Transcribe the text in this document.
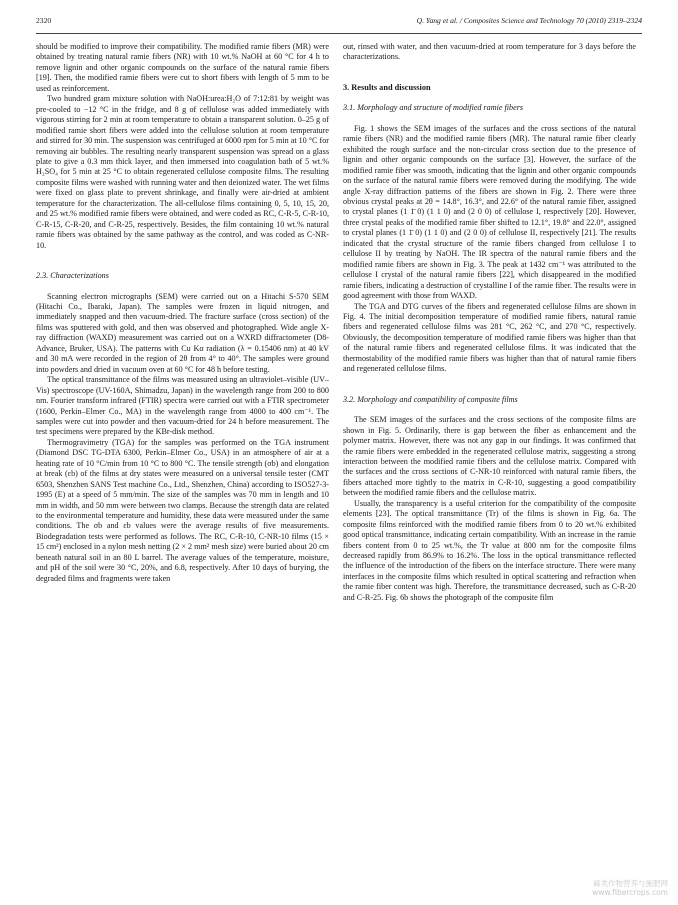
2320	Q. Yang et al. / Composites Science and Technology 70 (2010) 2319–2324

should be modified to improve their compatibility. The modified ramie fibers (MR) were obtained by treating natural ramie fibers (NR) with 10 wt.% NaOH at 60 °C for 4 h to remove lignin and other organic compounds on the surface of the natural ramie fibers [19]. Then, the modified ramie fibers were cut to short fibers with length of 5 mm to be used as reinforcement.

Two hundred gram mixture solution with NaOH:urea:H₂O of 7:12:81 by weight was pre-cooled to −12 °C in the fridge, and 8 g of cellulose was added immediately with vigorous stirring for 2 min at room temperature to obtain a transparent solution. 0–25 g of modified ramie short fibers were added into the cellulose solution at room temperature and stirred for 30 min. The suspension was centrifuged at 6000 rpm for 5 min at 10 °C for removing air bubbles. The resulting nearly transparent suspension was spread on a glass plate to give a 0.3 mm thick layer, and then immersed into coagulation bath of 5 wt.% H₂SO₄ for 5 min at 25 °C to obtain regenerated cellulose composite films. The resulting composite films were washed with running water and then deionized water. The wet films were fixed on glass plate to prevent shrinkage, and finally were air-dried at ambient temperature for the characterization. The all-cellulose films containing 0, 5, 10, 15, 20, and 25 wt.% modified ramie fibers were obtained, and were coded as RC, C-R-5, C-R-10, C-R-15, C-R-20, and C-R-25, respectively. Besides, the film containing 10 wt.% natural ramie fibers was obtained by the same pathway as the control, and was coded as C-NR-10.

2.3. Characterizations

Scanning electron micrographs (SEM) were carried out on a Hitachi S-570 SEM (Hitachi Co., Ibaraki, Japan). The samples were frozen in liquid nitrogen, and immediately snapped and then vacuum-dried. The fracture surface (cross section) of the films was sputtered with gold, and then was observed and photographed. Wide angle X-ray diffraction (WAXD) measurement was carried out on a WXRD diffractometer (D8-Advance, Bruker, USA). The patterns with Cu Kα radiation (λ = 0.15406 nm) at 40 kV and 30 mA were recorded in the region of 2θ from 4° to 40°. The samples were ground into powders and dried in vacuum oven at 60 °C for 48 h before testing.

The optical transmittance of the films was measured using an ultraviolet–visible (UV–Vis) spectroscope (UV-160A, Shimadzu, Japan) in the wavelength range from 200 to 800 nm. Fourier transform infrared (FTIR) spectra were carried out with a FTIR spectrometer (1600, Perkin–Elmer Co., MA) in the wavelength range from 4000 to 400 cm⁻¹. The samples were cut into powder and then vacuum-dried for 24 h before measurement. The test specimens were prepared by the KBr-disk method.

Thermogravimetry (TGA) for the samples was performed on the TGA instrument (Diamond DSC TG-DTA 6300, Perkin–Elmer Co., USA) in an atmosphere of air at a heating rate of 10 °C/min from 10 °C to 800 °C. The tensile strength (σb) and elongation at break (εb) of the films at dry states were measured on a universal tensile tester (CMT 6503, Shenzhen SANS Test machine Co., Ltd., Shenzhen, China) according to ISO527-3-1995 (E) at a speed of 5 mm/min. The size of the samples was 70 mm in length and 10 mm in width, and 50 mm were between two clamps. Because the strength data are related to the environmental temperature and humidity, these data were measured under the same conditions. The σb and εb values were the average results of five measurements. Biodegradation tests were performed as follows. The RC, C-R-10, C-NR-10 films (15 × 15 cm²) enclosed in a nylon mesh netting (2 × 2 mm² mesh size) were buried about 20 cm beneath natural soil in an 80 L barrel. The average values of the temperature, moisture, and pH of the soil were 30 °C, 20%, and 6.8, respectively. After 10 days of burying, the degraded films and fragments were taken

out, rinsed with water, and then vacuum-dried at room temperature for 3 days before the characterizations.

3. Results and discussion
3.1. Morphology and structure of modified ramie fibers

Fig. 1 shows the SEM images of the surfaces and the cross sections of the natural ramie fibers (NR) and the modified ramie fibers (MR). The natural ramie fiber clearly exhibited the rough surface and the non-circular cross section due to the presence of lignin and other organic compounds on the surface [3]. However, the surface of the modified ramie fiber was smooth, indicating that the lignin and other organic compounds on the surface of the natural ramie fibers were removed during the modifying. The wide angle X-ray diffraction patterns of the fibers are shown in Fig. 2. There were three obvious crystal peaks at 2θ = 14.8°, 16.3°, and 22.6° of the natural ramie fiber, assigned to crystal planes (1 1̄ 0) (1 1 0) and (2 0 0) of cellulose I, respectively [20]. However, three crystal peaks of the modified ramie fiber shifted to 12.1°, 19.8° and 22.0°, assigned to crystal planes (1 1̄ 0) (1 1 0) and (2 0 0) of cellulose II, respectively [21]. The results indicated that the crystal structure of the ramie fibers changed from cellulose I to cellulose II by treating by NaOH. The IR spectra of the natural ramie fibers and the modified ramie fibers are shown in Fig. 3. The peak at 1432 cm⁻¹ was attributed to the cellulose I crystal of the natural ramie fibers [22], which disappeared in the modified ramie fibers, indicating a destruction of crystalline I of the ramie fiber. The results were in good agreement with those from WAXD.

The TGA and DTG curves of the fibers and regenerated cellulose films are shown in Fig. 4. The initial decomposition temperature of modified ramie fibers, natural ramie fibers and regenerated cellulose films was 281 °C, 262 °C, and 270 °C, respectively. Obviously, the decomposition temperature of modified ramie fibers was higher than that of the natural ramie fibers and regenerated cellulose films. It was indicated that the thermostability of the modified ramie fibers was higher than that of natural ramie fibers and regenerated cellulose films.

3.2. Morphology and compatibility of composite films

The SEM images of the surfaces and the cross sections of the composite films are shown in Fig. 5. Ordinarily, there is gap between the fiber as enhancement and the polymer matrix. However, there was not any gap in our findings. It was confirmed that the ramie fibers were embedded in the regenerated cellulose matrix, suggesting a strong interaction between the modified ramie fibers and the cellulose matrix. Compared with the surfaces and the cross sections of C-NR-10 reinforced with natural ramie fibers, the fibers attached more tightly to the matrix in C-R-10, suggesting a good compatibility between the modified ramie fibers and the cellulose matrix.

Usually, the transparency is a useful criterion for the compatibility of the composite elements [23]. The optical transmittance (Tr) of the films is shown in Fig. 6a. The composite films reinforced with the modified ramie fibers from 0 to 20 wt.% exhibited good optical transmittance, indicating certain compatibility. With an increase in the ramie fibers content from 0 to 25 wt.%, the Tr value at 800 nm for the composite films decreased rapidly from 86.9% to 16.2%. The loss in the optical transmittance reflected the influence of the introduction of the fibers on the interface structure. There were many interfaces in the composite films which resulted in optical scattering and refraction when the ramie fiber content was high. Therefore, the transmittance decreased, such as C-R-20 and C-R-25. Fig. 6b shows the photograph of the composite film

麻类作物营养与施肥网 www.fibercrops.com
